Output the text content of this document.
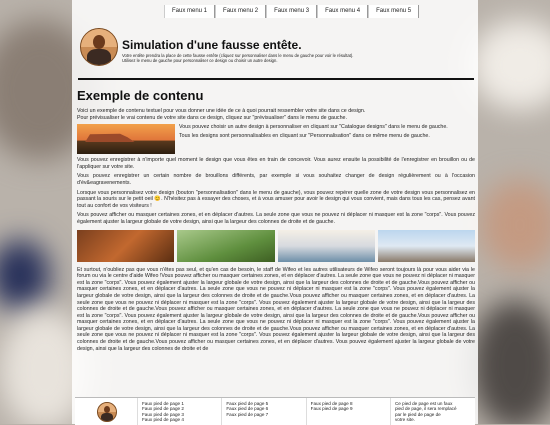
Faux menu 1	Faux menu 2	Faux menu 3	Faux menu 4	Faux menu 5
Simulation d'une fausse entête.
Votre entête prendra la place de cette fausse entête (cliquez sur personnaliser dans le menu de gauche pour voir le résultat).
Utilisez le menu de gauche pour personnaliser ce design ou choisir un autre design.
Exemple de contenu

Voici un exemple de contenu textuel pour vous donner une idée de ce à quoi pourrait ressembler votre site dans ce design.

Pour prévisualiser le vrai contenu de votre site dans ce design, cliquez sur "prévisualiser" dans le menu de gauche.

Vous pouvez choisir un autre design à personnaliser en cliquant sur "Catalogue designs" dans le menu de gauche.

Tous les designs sont personnalisables en cliquant sur "Personnalisation" dans ce même menu de gauche.

Vous pouvez enregistrer à n'importe quel moment le design que vous êtes en train de concevoir. Vous aurez ensuite la possibilité de l'enregistrer en brouillon ou de l'appliquer sur votre site.

Vous pouvez enregistrer un certain nombre de brouillons différents, par exemple si vous souhaitez changer de design régulièrement ou à l'occasion d'év&eagravenements.

Lorsque vous personnalisez votre design (bouton "personnalisation" dans le menu de gauche), vous pouvez repérer quelle zone de votre design vous personnalisez en passant la souris sur le petit oeil 😊. N'hésitez pas à essayer des choses, et à vous amuser pour avoir le design qui vous convient, mais dans tous les cas, pensez avant tout au confort de vos visiteurs !

Vous pouvez afficher ou masquer certaines zones, et en déplacer d'autres. La seule zone que vous ne pouvez ni déplacer ni masquer est la zone "corps". Vous pouvez également ajuster la largeur globale de votre design, ainsi que la largeur des colonnes de droite et de gauche.

Et surtout, n'oubliez pas que vous n'êtes pas seul, et qu'en cas de besoin, le staff de Wifeo et les autres utilisateurs de Wifeo seront toujours là pour vous aider via le forum ou via le centre d'aide Wifeo !Vous pouvez afficher ou masquer certaines zones, et en déplacer d'autres. La seule zone que vous ne pouvez ni déplacer ni masquer est la zone "corps". Vous pouvez également ajuster la largeur globale de votre design, ainsi que la largeur des colonnes de droite et de gauche.Vous pouvez afficher ou masquer certaines zones, et en déplacer d'autres. La seule zone que vous ne pouvez ni déplacer ni masquer est la zone "corps". Vous pouvez également ajuster la largeur globale de votre design, ainsi que la largeur des colonnes de droite et de gauche.Vous pouvez afficher ou masquer certaines zones, et en déplacer d'autres. La seule zone que vous ne pouvez ni déplacer ni masquer est la zone "corps". Vous pouvez également ajuster la largeur globale de votre design, ainsi que la largeur des colonnes de droite et de gauche.Vous pouvez afficher ou masquer certaines zones, et en déplacer d'autres. La seule zone que vous ne pouvez ni déplacer ni masquer est la zone "corps". Vous pouvez également ajuster la largeur globale de votre design, ainsi que la largeur des colonnes de droite et de gauche.Vous pouvez afficher ou masquer certaines zones, et en déplacer d'autres. La seule zone que vous ne pouvez ni déplacer ni masquer est la zone "corps". Vous pouvez également ajuster la largeur globale de votre design, ainsi que la largeur des colonnes de droite et de gauche.Vous pouvez afficher ou masquer certaines zones, et en déplacer d'autres. La seule zone que vous ne pouvez ni déplacer ni masquer est la zone "corps". Vous pouvez également ajuster la largeur globale de votre design, ainsi que la largeur des colonnes de droite et de gauche.Vous pouvez afficher ou masquer certaines zones, et en déplacer d'autres. Vous pouvez également ajuster la largeur globale de votre design, ainsi que la largeur des colonnes de droite et de

Faux pied de page 1
Faux pied de page 2
Faux pied de page 3
Faux pied de page 4
Faux pied de page 5
Faux pied de page 6
Faux pied de page 7
Faux pied de page 8
Faux pied de page 9
Ce pied de page est un faux
pied de page, il sera remplacé
par le pied de page de
votre site.
